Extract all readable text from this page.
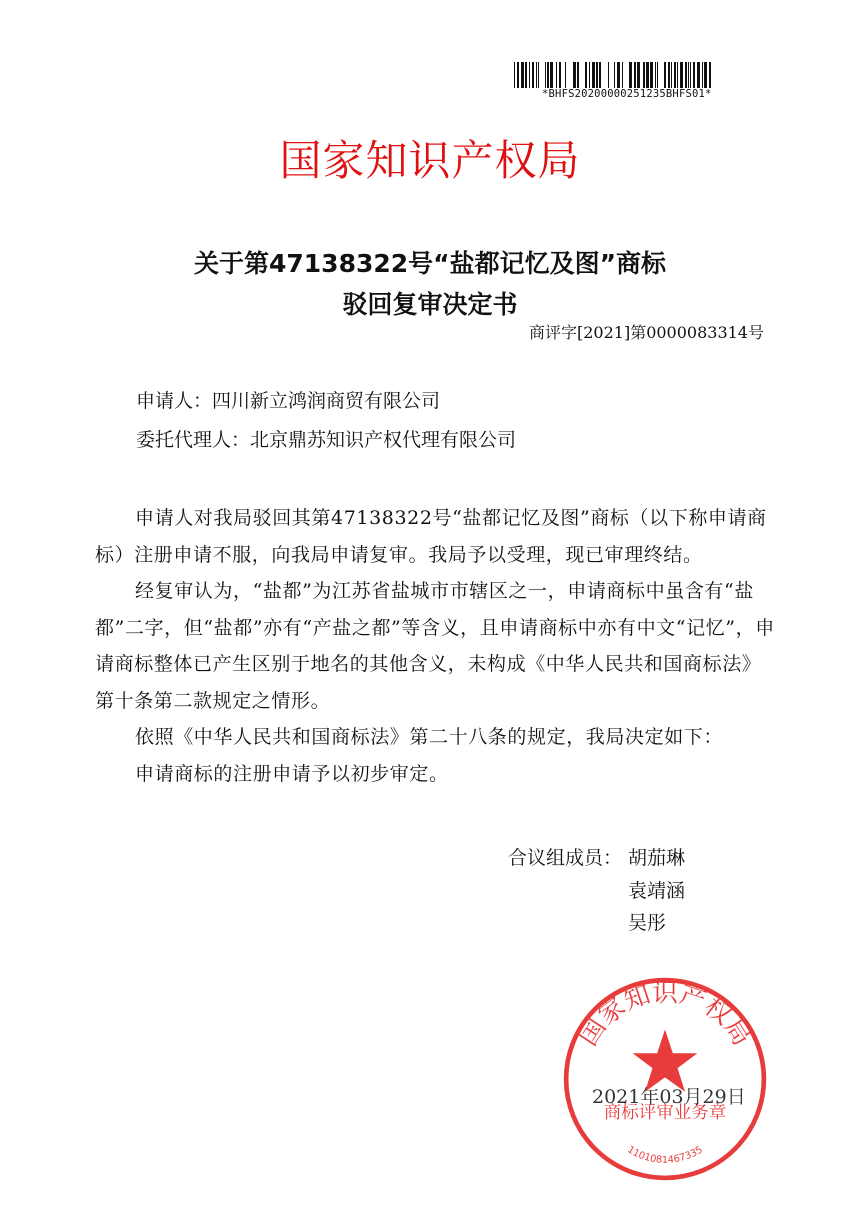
*BHFS20200000251235BHFS01*
国家知识产权局
关于第47138322号“盐都记忆及图”商标
驳回复审决定书
商评字[2021]第0000083314号
申请人：四川新立鸿润商贸有限公司
委托代理人：北京鼎苏知识产权代理有限公司

申请人对我局驳回其第47138322号“盐都记忆及图”商标（以下称申请商标）注册申请不服，向我局申请复审。我局予以受理，现已审理终结。

经复审认为，“盐都”为江苏省盐城市市辖区之一，申请商标中虽含有“盐都”二字，但“盐都”亦有“产盐之都”等含义，且申请商标中亦有中文“记忆”，申请商标整体已产生区别于地名的其他含义，未构成《中华人民共和国商标法》第十条第二款规定之情形。

依照《中华人民共和国商标法》第二十八条的规定，我局决定如下：

申请商标的注册申请予以初步审定。

合议组成员： 胡茄琳
袁靖涵
吴彤
2021年03月29日
国家知识产权局
商标评审业务章
1101081467335
